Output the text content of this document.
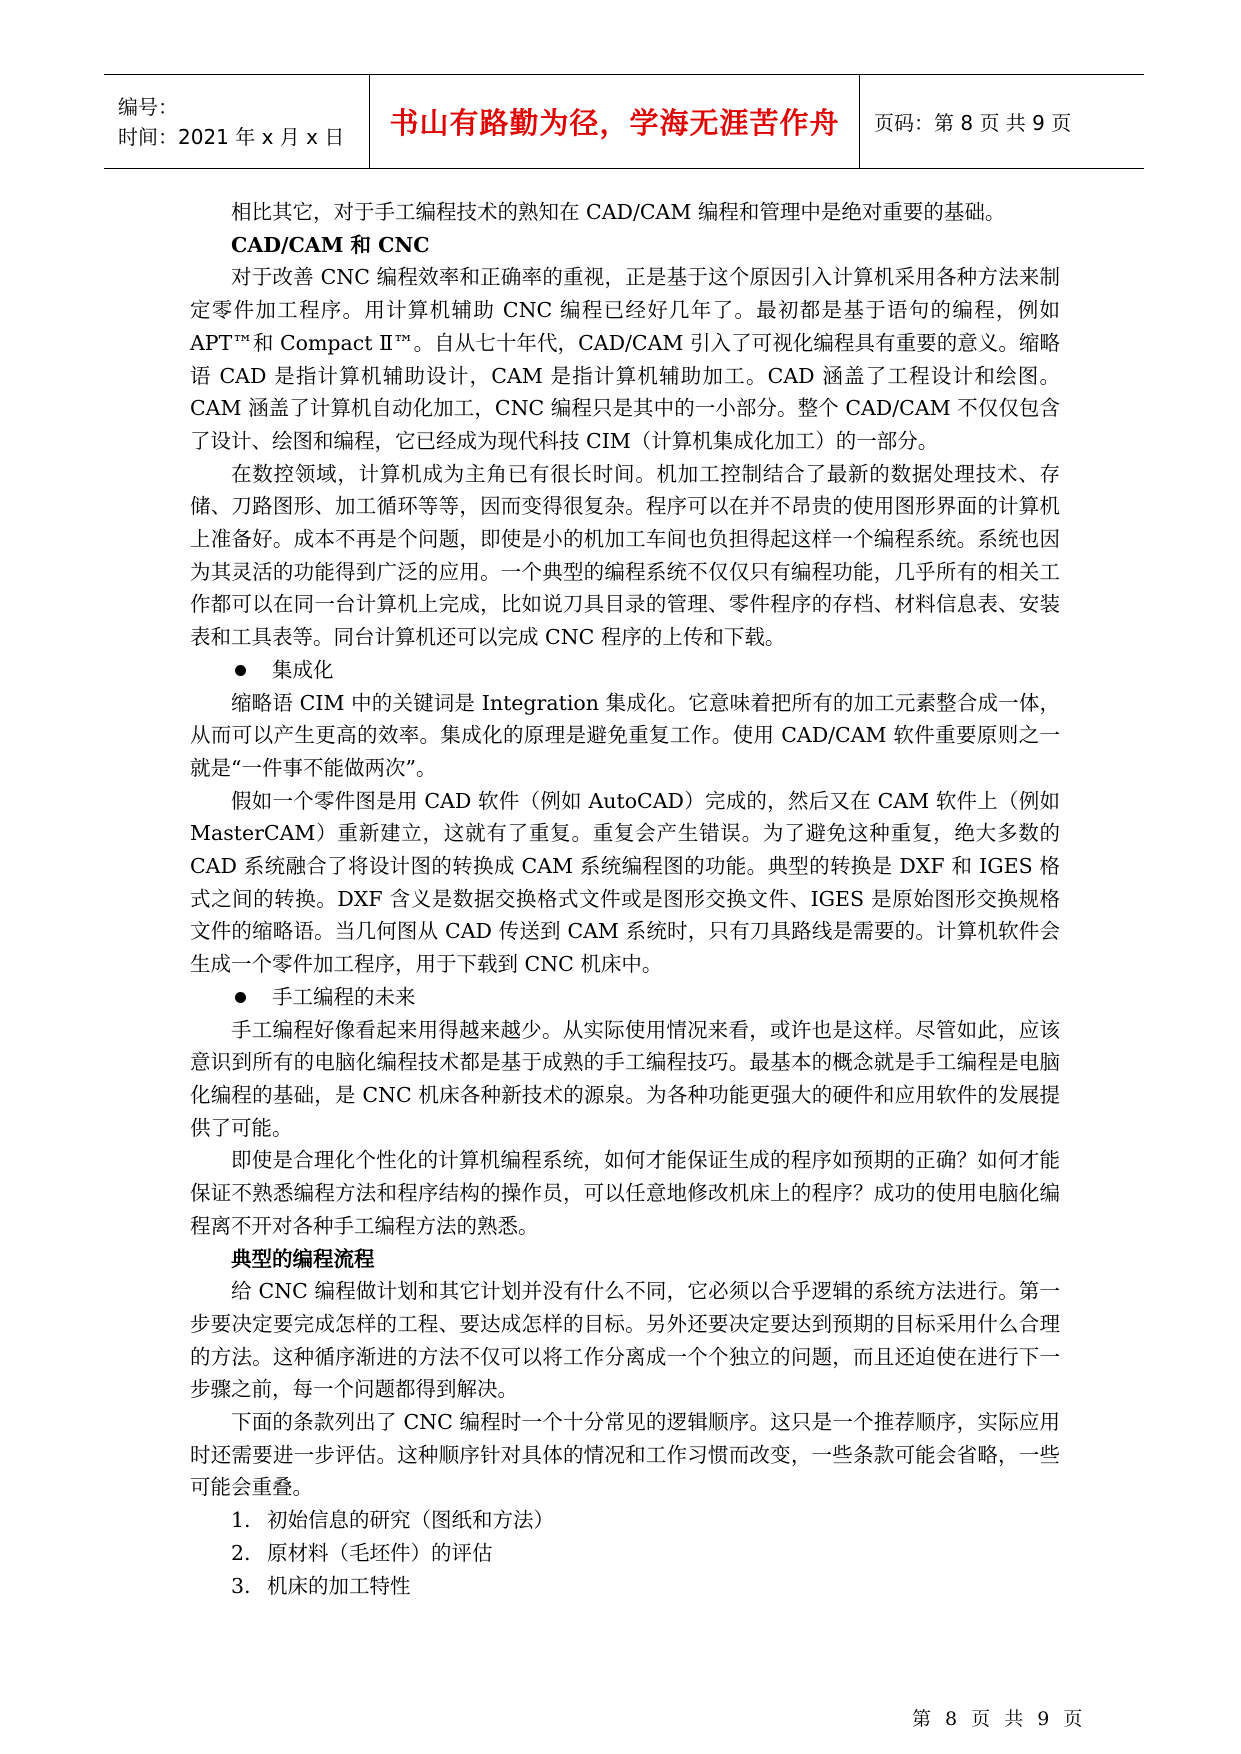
编号：
时间：2021 年 x 月 x 日	书山有路勤为径，学海无涯苦作舟 页码：第 8 页 共 9 页

相比其它，对于手工编程技术的熟知在 CAD/CAM 编程和管理中是绝对重要的基础。

CAD/CAM 和 CNC

对于改善 CNC 编程效率和正确率的重视，正是基于这个原因引入计算机采用各种方法来制定零件加工程序。用计算机辅助 CNC 编程已经好几年了。最初都是基于语句的编程，例如 APT™和 Compact Ⅱ™。自从七十年代，CAD/CAM 引入了可视化编程具有重要的意义。缩略语 CAD 是指计算机辅助设计，CAM 是指计算机辅助加工。CAD 涵盖了工程设计和绘图。CAM 涵盖了计算机自动化加工，CNC 编程只是其中的一小部分。整个 CAD/CAM 不仅仅包含了设计、绘图和编程，它已经成为现代科技 CIM（计算机集成化加工）的一部分。

在数控领域，计算机成为主角已有很长时间。机加工控制结合了最新的数据处理技术、存储、刀路图形、加工循环等等，因而变得很复杂。程序可以在并不昂贵的使用图形界面的计算机上准备好。成本不再是个问题，即使是小的机加工车间也负担得起这样一个编程系统。系统也因为其灵活的功能得到广泛的应用。一个典型的编程系统不仅仅只有编程功能，几乎所有的相关工作都可以在同一台计算机上完成，比如说刀具目录的管理、零件程序的存档、材料信息表、安装表和工具表等。同台计算机还可以完成 CNC 程序的上传和下载。

集成化

缩略语 CIM 中的关键词是 Integration 集成化。它意味着把所有的加工元素整合成一体，从而可以产生更高的效率。集成化的原理是避免重复工作。使用 CAD/CAM 软件重要原则之一就是“一件事不能做两次”。

假如一个零件图是用 CAD 软件（例如 AutoCAD）完成的，然后又在 CAM 软件上（例如 MasterCAM）重新建立，这就有了重复。重复会产生错误。为了避免这种重复，绝大多数的 CAD 系统融合了将设计图的转换成 CAM 系统编程图的功能。典型的转换是 DXF 和 IGES 格式之间的转换。DXF 含义是数据交换格式文件或是图形交换文件、IGES 是原始图形交换规格文件的缩略语。当几何图从 CAD 传送到 CAM 系统时，只有刀具路线是需要的。计算机软件会生成一个零件加工程序，用于下载到 CNC 机床中。

手工编程的未来

手工编程好像看起来用得越来越少。从实际使用情况来看，或许也是这样。尽管如此，应该意识到所有的电脑化编程技术都是基于成熟的手工编程技巧。最基本的概念就是手工编程是电脑化编程的基础，是 CNC 机床各种新技术的源泉。为各种功能更强大的硬件和应用软件的发展提供了可能。

即使是合理化个性化的计算机编程系统，如何才能保证生成的程序如预期的正确？如何才能保证不熟悉编程方法和程序结构的操作员，可以任意地修改机床上的程序？成功的使用电脑化编程离不开对各种手工编程方法的熟悉。

典型的编程流程

给 CNC 编程做计划和其它计划并没有什么不同，它必须以合乎逻辑的系统方法进行。第一步要决定要完成怎样的工程、要达成怎样的目标。另外还要决定要达到预期的目标采用什么合理的方法。这种循序渐进的方法不仅可以将工作分离成一个个独立的问题，而且还迫使在进行下一步骤之前，每一个问题都得到解决。

下面的条款列出了 CNC 编程时一个十分常见的逻辑顺序。这只是一个推荐顺序，实际应用时还需要进一步评估。这种顺序针对具体的情况和工作习惯而改变，一些条款可能会省略，一些可能会重叠。

1. 初始信息的研究（图纸和方法）
2. 原材料（毛坯件）的评估
3. 机床的加工特性
第 8 页 共 9 页
